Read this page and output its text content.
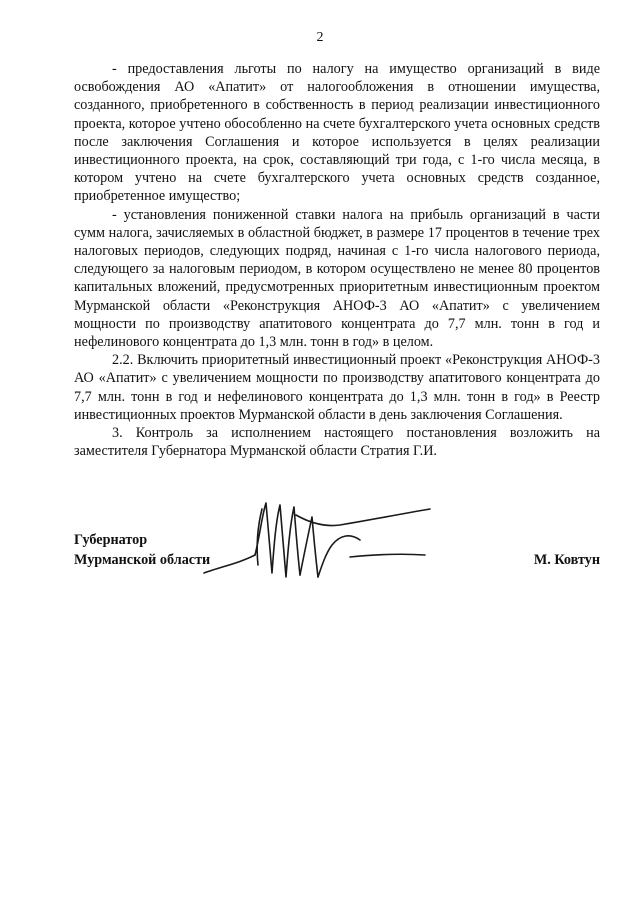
2

- предоставления льготы по налогу на имущество организаций в виде освобождения АО «Апатит» от налогообложения в отношении имущества, созданного, приобретенного в собственность в период реализации инвестиционного проекта, которое учтено обособленно на счете бухгалтерского учета основных средств после заключения Соглашения и которое используется в целях реализации инвестиционного проекта, на срок, составляющий три года, с 1-го числа месяца, в котором учтено на счете бухгалтерского учета основных средств созданное, приобретенное имущество;

- установления пониженной ставки налога на прибыль организаций в части сумм налога, зачисляемых в областной бюджет, в размере 17 процентов в течение трех налоговых периодов, следующих подряд, начиная с 1-го числа налогового периода, следующего за налоговым периодом, в котором осуществлено не менее 80 процентов капитальных вложений, предусмотренных приоритетным инвестиционным проектом Мурманской области «Реконструкция АНОФ-3 АО «Апатит» с увеличением мощности по производству апатитового концентрата до 7,7 млн. тонн в год и нефелинового концентрата до 1,3 млн. тонн в год» в целом.

2.2. Включить приоритетный инвестиционный проект «Реконструкция АНОФ-3 АО «Апатит» с увеличением мощности по производству апатитового концентрата до 7,7 млн. тонн в год и нефелинового концентрата до 1,3 млн. тонн в год» в Реестр инвестиционных проектов Мурманской области в день заключения Соглашения.

3. Контроль за исполнением настоящего постановления возложить на заместителя Губернатора Мурманской области Стратия Г.И.

Губернатор
Мурманской области	М. Ковтун
